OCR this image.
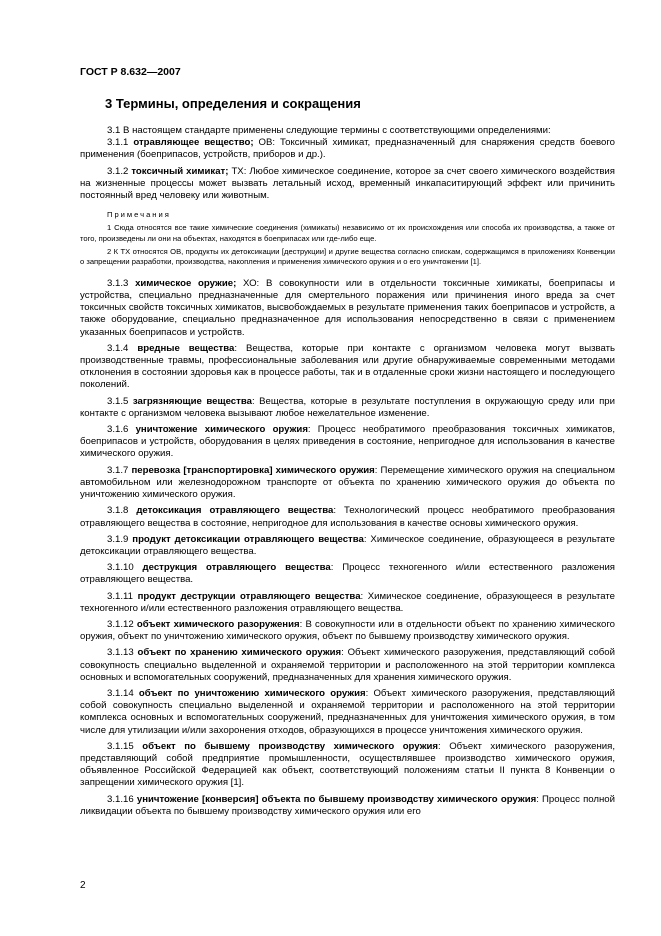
ГОСТ Р 8.632—2007
3 Термины, определения и сокращения

3.1 В настоящем стандарте применены следующие термины с соответствующими определениями:

3.1.1 отравляющее вещество; ОВ: Токсичный химикат, предназначенный для снаряжения средств боевого применения (боеприпасов, устройств, приборов и др.).

3.1.2 токсичный химикат; ТХ: Любое химическое соединение, которое за счет своего химического воздействия на жизненные процессы может вызвать летальный исход, временный инкапаситирующий эффект или причинить постоянный вред человеку или животным.

Примечания

1 Сюда относятся все такие химические соединения (химикаты) независимо от их происхождения или способа их производства, а также от того, произведены ли они на объектах, находятся в боеприпасах или где-либо еще.

2 К ТХ относятся ОВ, продукты их детоксикации [деструкции] и другие вещества согласно спискам, содержащимся в приложениях Конвенции о запрещении разработки, производства, накопления и применения химического оружия и о его уничтожении [1].

3.1.3 химическое оружие; ХО: В совокупности или в отдельности токсичные химикаты, боеприпасы и устройства, специально предназначенные для смертельного поражения или причинения иного вреда за счет токсичных свойств токсичных химикатов, высвобождаемых в результате применения таких боеприпасов и устройств, а также оборудование, специально предназначенное для использования непосредственно в связи с применением указанных боеприпасов и устройств.

3.1.4 вредные вещества: Вещества, которые при контакте с организмом человека могут вызвать производственные травмы, профессиональные заболевания или другие обнаруживаемые современными методами отклонения в состоянии здоровья как в процессе работы, так и в отдаленные сроки жизни настоящего и последующего поколений.

3.1.5 загрязняющие вещества: Вещества, которые в результате поступления в окружающую среду или при контакте с организмом человека вызывают любое нежелательное изменение.

3.1.6 уничтожение химического оружия: Процесс необратимого преобразования токсичных химикатов, боеприпасов и устройств, оборудования в целях приведения в состояние, непригодное для использования в качестве химического оружия.

3.1.7 перевозка [транспортировка] химического оружия: Перемещение химического оружия на специальном автомобильном или железнодорожном транспорте от объекта по хранению химического оружия до объекта по уничтожению химического оружия.

3.1.8 детоксикация отравляющего вещества: Технологический процесс необратимого преобразования отравляющего вещества в состояние, непригодное для использования в качестве основы химического оружия.

3.1.9 продукт детоксикации отравляющего вещества: Химическое соединение, образующееся в результате детоксикации отравляющего вещества.

3.1.10 деструкция отравляющего вещества: Процесс техногенного и/или естественного разложения отравляющего вещества.

3.1.11 продукт деструкции отравляющего вещества: Химическое соединение, образующееся в результате техногенного и/или естественного разложения отравляющего вещества.

3.1.12 объект химического разоружения: В совокупности или в отдельности объект по хранению химического оружия, объект по уничтожению химического оружия, объект по бывшему производству химического оружия.

3.1.13 объект по хранению химического оружия: Объект химического разоружения, представляющий собой совокупность специально выделенной и охраняемой территории и расположенного на этой территории комплекса основных и вспомогательных сооружений, предназначенных для хранения химического оружия.

3.1.14 объект по уничтожению химического оружия: Объект химического разоружения, представляющий собой совокупность специально выделенной и охраняемой территории и расположенного на этой территории комплекса основных и вспомогательных сооружений, предназначенных для уничтожения химического оружия, в том числе для утилизации и/или захоронения отходов, образующихся в процессе уничтожения химического оружия.

3.1.15 объект по бывшему производству химического оружия: Объект химического разоружения, представляющий собой предприятие промышленности, осуществлявшее производство химического оружия, объявленное Российской Федерацией как объект, соответствующий положениям статьи II пункта 8 Конвенции о запрещении химического оружия [1].

3.1.16 уничтожение [конверсия] объекта по бывшему производству химического оружия: Процесс полной ликвидации объекта по бывшему производству химического оружия или его

2
